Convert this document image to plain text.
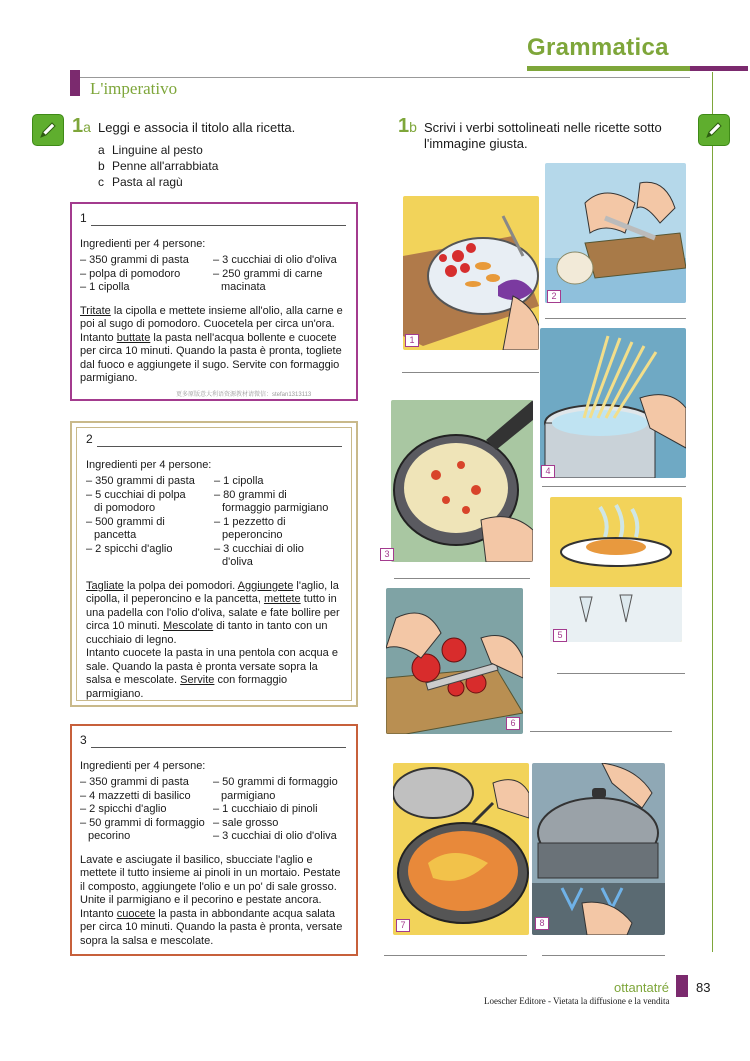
Grammatica
L'imperativo
1a Leggi e associa il titolo alla ricetta.
a Linguine al pesto
b Penne all'arrabbiata
c Pasta al ragù
1b Scrivi i verbi sottolineati nelle ricette sotto
l'immagine giusta.
1
Ingredienti per 4 persone:
– 350 grammi di pasta
– polpa di pomodoro
– 1 cipolla
– 3 cucchiai di olio d'oliva
– 250 grammi di carne
macinata
Tritate la cipolla e mettete insieme all'olio, alla carne e poi al sugo di pomodoro. Cuocetela per circa un'ora. Intanto buttate la pasta nell'acqua bollente e cuocete per circa 10 minuti. Quando la pasta è pronta, togliete dal fuoco e aggiungete il sugo. Servite con formaggio parmigiano.
更多原版意大利语资源教材请微信：stefan1313113
2
Ingredienti per 4 persone:
– 350 grammi di pasta
– 5 cucchiai di polpa
di pomodoro
– 500 grammi di
pancetta
– 2 spicchi d'aglio
– 1 cipolla
– 80 grammi di
formaggio parmigiano
– 1 pezzetto di
peperoncino
– 3 cucchiai di olio
d'oliva
Tagliate la polpa dei pomodori. Aggiungete l'aglio, la cipolla, il peperoncino e la pancetta, mettete tutto in una padella con l'olio d'oliva, salate e fate bollire per circa 10 minuti. Mescolate di tanto in tanto con un cucchiaio di legno.
Intanto cuocete la pasta in una pentola con acqua e sale. Quando la pasta è pronta versate sopra la salsa e mescolate. Servite con formaggio parmigiano.
3
Ingredienti per 4 persone:
– 350 grammi di pasta
– 4 mazzetti di basilico
– 2 spicchi d'aglio
– 50 grammi di formaggio
pecorino
– 50 grammi di formaggio
parmigiano
– 1 cucchiaio di pinoli
– sale grosso
– 3 cucchiai di olio d'oliva
Lavate e asciugate il basilico, sbucciate l'aglio e mettete il tutto insieme ai pinoli in un mortaio. Pestate il composto, aggiungete l'olio e un po' di sale grosso. Unite il parmigiano e il pecorino e pestate ancora. Intanto cuocete la pasta in abbondante acqua salata per circa 10 minuti. Quando la pasta è pronta, versate sopra la salsa e mescolate.
1
2
3
4
5
6
7	8
ottantatré 83
Loescher Editore - Vietata la diffusione e la vendita
